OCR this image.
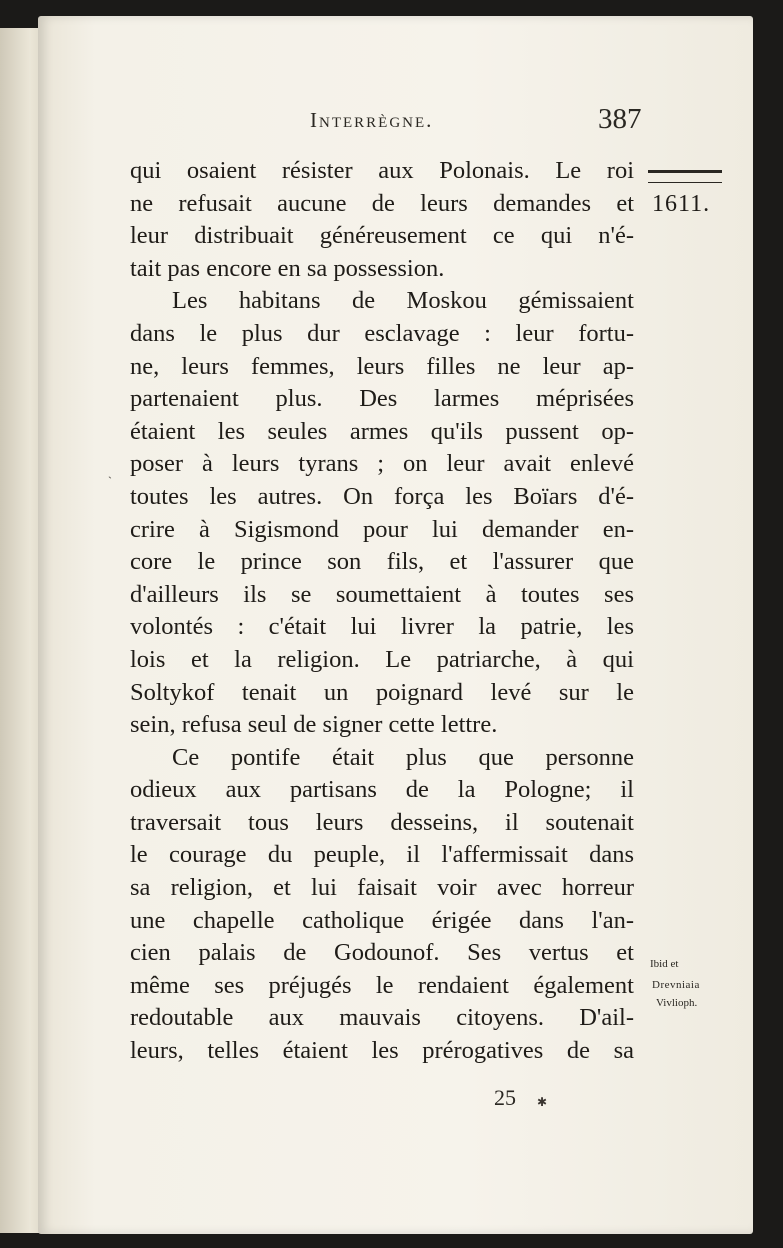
Interrègne.	387
1611.
qui osaient résister aux Polonais. Le roi
ne refusait aucune de leurs demandes et
leur distribuait généreusement ce qui n'é-
tait pas encore en sa possession.
Les habitans de Moskou gémissaient
dans le plus dur esclavage : leur fortu-
ne, leurs femmes, leurs filles ne leur ap-
partenaient plus. Des larmes méprisées
étaient les seules armes qu'ils pussent op-
poser à leurs tyrans ; on leur avait enlevé
toutes les autres. On força les Boïars d'é-
crire à Sigismond pour lui demander en-
core le prince son fils, et l'assurer que
d'ailleurs ils se soumettaient à toutes ses
volontés : c'était lui livrer la patrie, les
lois et la religion. Le patriarche, à qui
Soltykof tenait un poignard levé sur le
sein, refusa seul de signer cette lettre.
Ce pontife était plus que personne
odieux aux partisans de la Pologne; il
traversait tous leurs desseins, il soutenait
le courage du peuple, il l'affermissait dans
sa religion, et lui faisait voir avec horreur
une chapelle catholique érigée dans l'an-
cien palais de Godounof. Ses vertus et
même ses préjugés le rendaient également
redoutable aux mauvais citoyens. D'ail-
leurs, telles étaient les prérogatives de sa
Ibid et
Drevniaia
Vivlioph.
25 ✱
ˏ
